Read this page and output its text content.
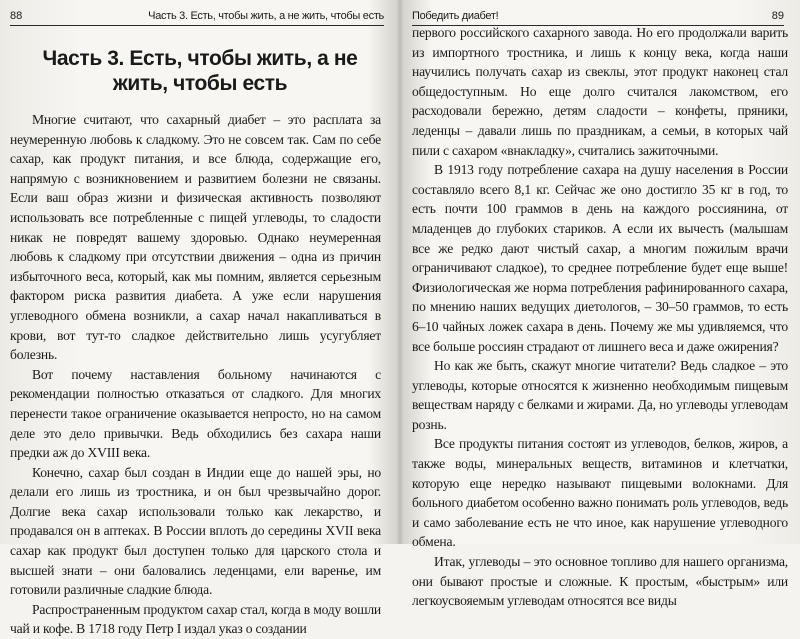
88	Часть 3. Есть, чтобы жить, а не жить, чтобы есть
Часть 3. Есть, чтобы жить, а не жить, чтобы есть

Многие считают, что сахарный диабет – это расплата за неумеренную любовь к сладкому. Это не совсем так. Сам по себе сахар, как продукт питания, и все блюда, содержащие его, напрямую с возникновением и развитием болезни не связаны. Если ваш образ жизни и физическая активность позволяют использовать все потребленные с пищей углеводы, то сладости никак не повредят вашему здоровью. Однако неумеренная любовь к сладкому при отсутствии движения – одна из причин избыточного веса, который, как мы помним, является серьезным фактором риска развития диабета. А уже если нарушения углеводного обмена возникли, а сахар начал накапливаться в крови, вот тут-то сладкое действительно лишь усугубляет болезнь.

Вот почему наставления больному начинаются с рекомендации полностью отказаться от сладкого. Для многих перенести такое ограничение оказывается непросто, но на самом деле это дело привычки. Ведь обходились без сахара наши предки аж до XVIII века.

Конечно, сахар был создан в Индии еще до нашей эры, но делали его лишь из тростника, и он был чрезвычайно дорог. Долгие века сахар использовали только как лекарство, и продавался он в аптеках. В России вплоть до середины XVII века сахар как продукт был доступен только для царского стола и высшей знати – они баловались леденцами, ели варенье, им готовили различные сладкие блюда.

Распространенным продуктом сахар стал, когда в моду вошли чай и кофе. В 1718 году Петр I издал указ о создании

Победить диабет!	89

первого российского сахарного завода. Но его продолжали варить из импортного тростника, и лишь к концу века, когда наши научились получать сахар из свеклы, этот продукт наконец стал общедоступным. Но еще долго считался лакомством, его расходовали бережно, детям сладости – конфеты, пряники, леденцы – давали лишь по праздникам, а семьи, в которых чай пили с сахаром «внакладку», считались зажиточными.

В 1913 году потребление сахара на душу населения в России составляло всего 8,1 кг. Сейчас же оно достигло 35 кг в год, то есть почти 100 граммов в день на каждого россиянина, от младенцев до глубоких стариков. А если их вычесть (малышам все же редко дают чистый сахар, а многим пожилым врачи ограничивают сладкое), то среднее потребление будет еще выше! Физиологическая же норма потребления рафинированного сахара, по мнению наших ведущих диетологов, – 30–50 граммов, то есть 6–10 чайных ложек сахара в день. Почему же мы удивляемся, что все больше россиян страдают от лишнего веса и даже ожирения?

Но как же быть, скажут многие читатели? Ведь сладкое – это углеводы, которые относятся к жизненно необходимым пищевым веществам наряду с белками и жирами. Да, но углеводы углеводам рознь.

Все продукты питания состоят из углеводов, белков, жиров, а также воды, минеральных веществ, витаминов и клетчатки, которую еще нередко называют пищевыми волокнами. Для больного диабетом особенно важно понимать роль углеводов, ведь и само заболевание есть не что иное, как нарушение углеводного обмена.

Итак, углеводы – это основное топливо для нашего организма, они бывают простые и сложные. К простым, «быстрым» или легкоусвояемым углеводам относятся все виды
